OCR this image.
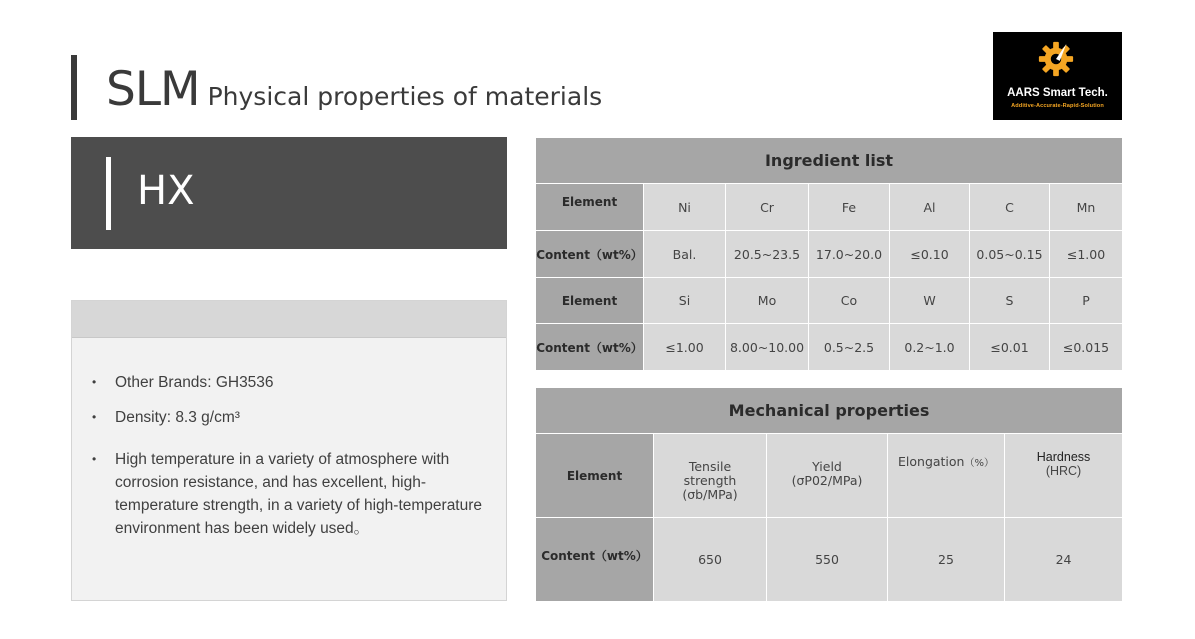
SLM Physical properties of materials	AARS Smart Tech.
Additive-Accurate-Rapid-Solution
HX
• Other Brands: GH3536
• Density: 8.3 g/cm³
• High temperature in a variety of atmosphere with corrosion resistance, and has excellent, high-temperature strength, in a variety of high-temperature environment has been widely used。
Ingredient list						
Element	Ni	Cr	Fe	Al	C	Mn
Content（wt%）	Bal.	20.5~23.5	17.0~20.0	≤0.10	0.05~0.15	≤1.00
Element	Si	Mo	Co	W	S	P
Content（wt%）	≤1.00	8.00~10.00	0.5~2.5	0.2~1.0	≤0.01	≤0.015
Mechanical properties				
Element	Tensile
strength
(σb/MPa)	Yield
(σP02/MPa)	Elongation（%）	Hardness
(HRC)
Content（wt%）	650	550	25	24
